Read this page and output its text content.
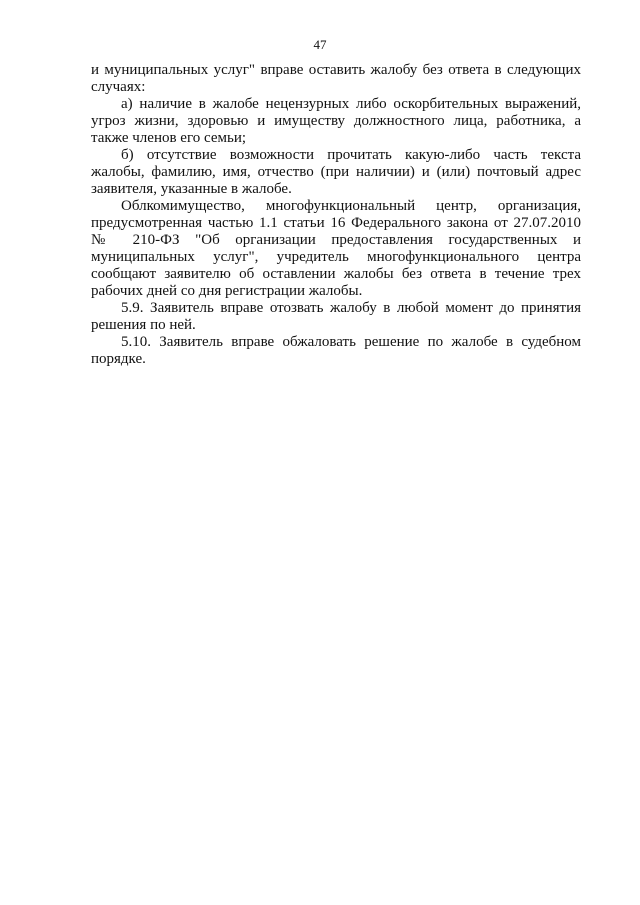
47

и муниципальных услуг" вправе оставить жалобу без ответа в следующих случаях:

а) наличие в жалобе нецензурных либо оскорбительных выражений, угроз жизни, здоровью и имуществу должностного лица, работника, а также членов его семьи;

б) отсутствие возможности прочитать какую-либо часть текста жалобы, фамилию, имя, отчество (при наличии) и (или) почтовый адрес заявителя, указанные в жалобе.

Облкомимущество, многофункциональный центр, организация, предусмотренная частью 1.1 статьи 16 Федерального закона от 27.07.2010 № 210-ФЗ "Об организации предоставления государственных и муниципальных услуг", учредитель многофункционального центра сообщают заявителю об оставлении жалобы без ответа в течение трех рабочих дней со дня регистрации жалобы.

5.9. Заявитель вправе отозвать жалобу в любой момент до принятия решения по ней.

5.10. Заявитель вправе обжаловать решение по жалобе в судебном порядке.
